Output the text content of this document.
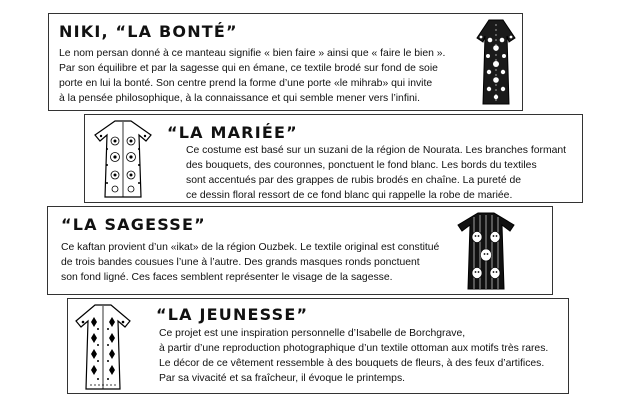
NIKI, “LA BONTÉ”
Le nom persan donné à ce manteau signifie « bien faire » ainsi que « faire le bien ».
Par son équilibre et par la sagesse qui en émane, ce textile brodé sur fond de soie
porte en lui la bonté. Son centre prend la forme d’une porte «le mihrab» qui invite
à la pensée philosophique, à la connaissance et qui semble mener vers l’infini.
“LA MARIÉE”
Ce costume est basé sur un suzani de la région de Nourata. Les branches formant
des bouquets, des couronnes, ponctuent le fond blanc. Les bords du textiles
sont accentués par des grappes de rubis brodés en chaîne. La pureté de
ce dessin floral ressort de ce fond blanc qui rappelle la robe de mariée.
“LA SAGESSE”
Ce kaftan provient d’un «ikat» de la région Ouzbek. Le textile original est constitué
de trois bandes cousues l’une à l’autre. Des grands masques ronds ponctuent
son fond ligné. Ces faces semblent représenter le visage de la sagesse.
“LA JEUNESSE”
Ce projet est une inspiration personnelle d’Isabelle de Borchgrave,
à partir d’une reproduction photographique d’un textile ottoman aux motifs très rares.
Le décor de ce vêtement ressemble à des bouquets de fleurs, à des feux d’artifices.
Par sa vivacité et sa fraîcheur, il évoque le printemps.
